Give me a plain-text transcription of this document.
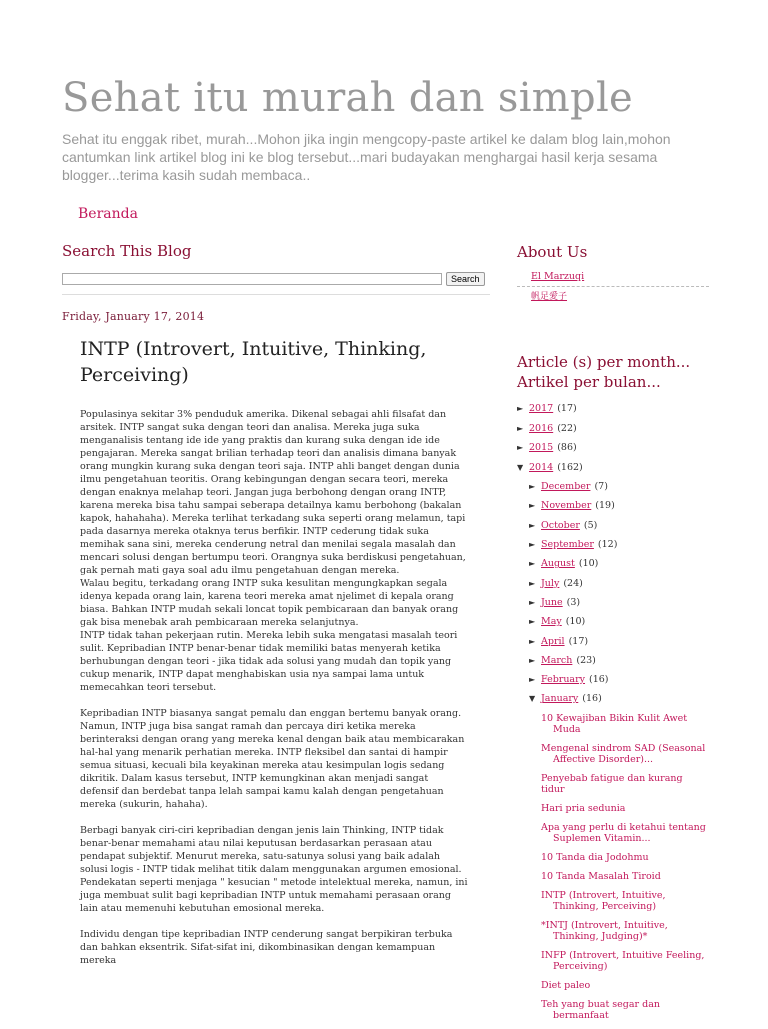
Sehat itu murah dan simple
Sehat itu enggak ribet, murah...Mohon jika ingin mengcopy-paste artikel ke dalam blog lain,mohon cantumkan link artikel blog ini ke blog tersebut...mari budayakan menghargai hasil kerja sesama blogger...terima kasih sudah membaca..
Beranda
Search This Blog
Search
Friday, January 17, 2014
INTP (Introvert, Intuitive, Thinking, Perceiving)

Populasinya sekitar 3% penduduk amerika. Dikenal sebagai ahli filsafat dan arsitek. INTP sangat suka dengan teori dan analisa. Mereka juga suka menganalisis tentang ide ide yang praktis dan kurang suka dengan ide ide pengajaran. Mereka sangat brilian terhadap teori dan analisis dimana banyak orang mungkin kurang suka dengan teori saja. INTP ahli banget dengan dunia ilmu pengetahuan teoritis. Orang kebingungan dengan secara teori, mereka dengan enaknya melahap teori. Jangan juga berbohong dengan orang INTP, karena mereka bisa tahu sampai seberapa detailnya kamu berbohong (bakalan kapok, hahahaha). Mereka terlihat terkadang suka seperti orang melamun, tapi pada dasarnya mereka otaknya terus berfikir. INTP cederung tidak suka memihak sana sini, mereka cenderung netral dan menilai segala masalah dan mencari solusi dengan bertumpu teori. Orangnya suka berdiskusi pengetahuan, gak pernah mati gaya soal adu ilmu pengetahuan dengan mereka.

Walau begitu, terkadang orang INTP suka kesulitan mengungkapkan segala idenya kepada orang lain, karena teori mereka amat njelimet di kepala orang biasa. Bahkan INTP mudah sekali loncat topik pembicaraan dan banyak orang gak bisa menebak arah pembicaraan mereka selanjutnya.

INTP tidak tahan pekerjaan rutin. Mereka lebih suka mengatasi masalah teori sulit. Kepribadian INTP benar-benar tidak memiliki batas menyerah ketika berhubungan dengan teori - jika tidak ada solusi yang mudah dan topik yang cukup menarik, INTP dapat menghabiskan usia nya sampai lama untuk memecahkan teori tersebut.

Kepribadian INTP biasanya sangat pemalu dan enggan bertemu banyak orang. Namun, INTP juga bisa sangat ramah dan percaya diri ketika mereka berinteraksi dengan orang yang mereka kenal dengan baik atau membicarakan hal-hal yang menarik perhatian mereka. INTP fleksibel dan santai di hampir semua situasi, kecuali bila keyakinan mereka atau kesimpulan logis sedang dikritik. Dalam kasus tersebut, INTP kemungkinan akan menjadi sangat defensif dan berdebat tanpa lelah sampai kamu kalah dengan pengetahuan mereka (sukurin, hahaha).

Berbagi banyak ciri-ciri kepribadian dengan jenis lain Thinking, INTP tidak benar-benar memahami atau nilai keputusan berdasarkan perasaan atau pendapat subjektif. Menurut mereka, satu-satunya solusi yang baik adalah solusi logis - INTP tidak melihat titik dalam menggunakan argumen emosional. Pendekatan seperti menjaga " kesucian " metode intelektual mereka, namun, ini juga membuat sulit bagi kepribadian INTP untuk memahami perasaan orang lain atau memenuhi kebutuhan emosional mereka.

Individu dengan tipe kepribadian INTP cenderung sangat berpikiran terbuka dan bahkan eksentrik. Sifat-sifat ini, dikombinasikan dengan kemampuan mereka

About Us
El Marzuqi
帆足愛子
Article (s) per month... Artikel per bulan...
► 2017 (17)
► 2016 (22)
► 2015 (86)
▼ 2014 (162)
► December (7)
► November (19)
► October (5)
► September (12)
► August (10)
► July (24)
► June (3)
► May (10)
► April (17)
► March (23)
► February (16)
▼ January (16)
10 Kewajiban Bikin Kulit Awet
Muda
Mengenal sindrom SAD (Seasonal
Affective Disorder)...
Penyebab fatigue dan kurang tidur
Hari pria sedunia
Apa yang perlu di ketahui tentang
Suplemen Vitamin...
10 Tanda dia Jodohmu
10 Tanda Masalah Tiroid
INTP (Introvert, Intuitive,
Thinking, Perceiving)
*INTJ (Introvert, Intuitive,
Thinking, Judging)*
INFP (Introvert, Intuitive Feeling,
Perceiving)
Diet paleo
Teh yang buat segar dan
bermanfaat
